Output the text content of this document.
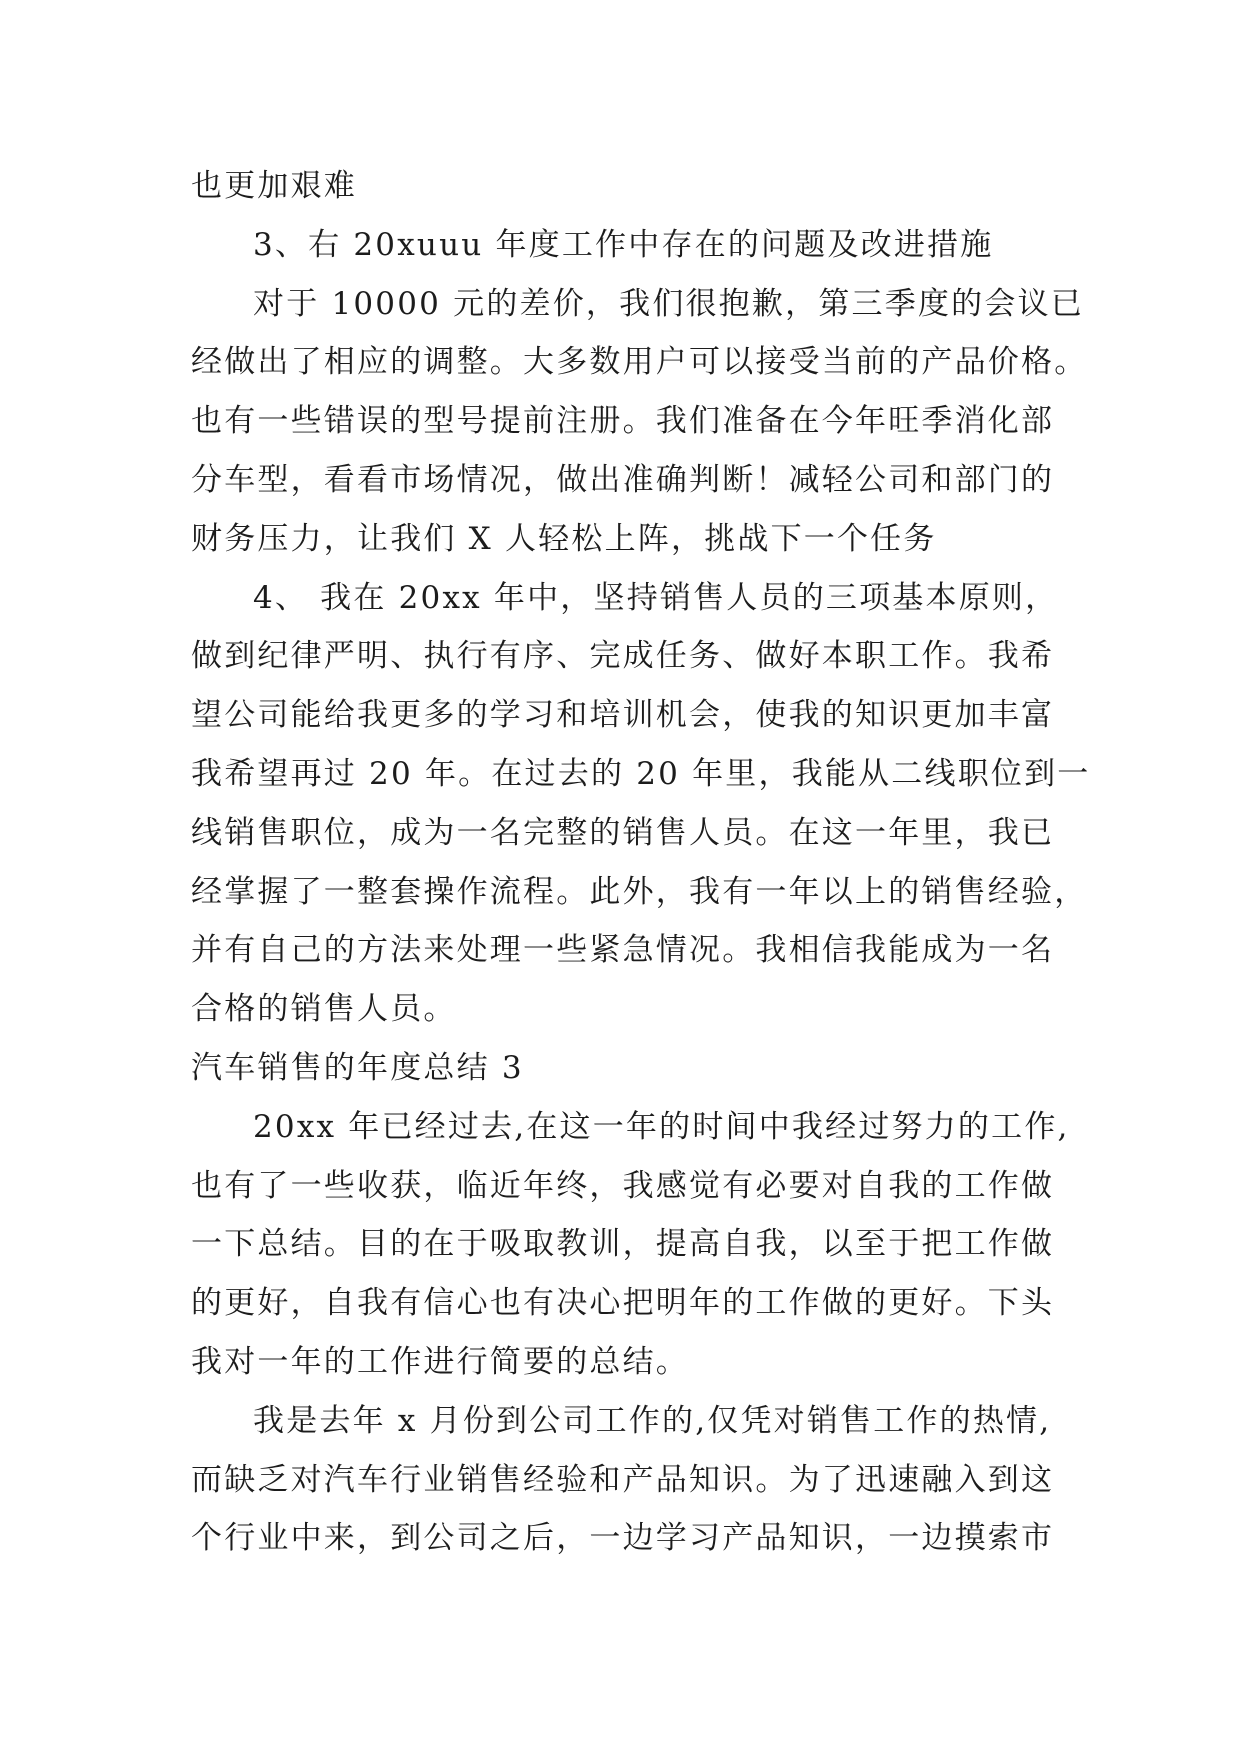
也更加艰难
3、右 20xuuu 年度工作中存在的问题及改进措施
对于 10000 元的差价，我们很抱歉，第三季度的会议已
经做出了相应的调整。大多数用户可以接受当前的产品价格。
也有一些错误的型号提前注册。我们准备在今年旺季消化部
分车型，看看市场情况，做出准确判断！减轻公司和部门的
财务压力，让我们 X 人轻松上阵，挑战下一个任务
4、 我在 20xx 年中，坚持销售人员的三项基本原则，
做到纪律严明、执行有序、完成任务、做好本职工作。我希
望公司能给我更多的学习和培训机会，使我的知识更加丰富
我希望再过 20 年。在过去的 20 年里，我能从二线职位到一
线销售职位，成为一名完整的销售人员。在这一年里，我已
经掌握了一整套操作流程。此外，我有一年以上的销售经验，
并有自己的方法来处理一些紧急情况。我相信我能成为一名
合格的销售人员。
汽车销售的年度总结 3
20xx 年已经过去,在这一年的时间中我经过努力的工作,
也有了一些收获，临近年终，我感觉有必要对自我的工作做
一下总结。目的在于吸取教训，提高自我，以至于把工作做
的更好，自我有信心也有决心把明年的工作做的更好。下头
我对一年的工作进行简要的总结。
我是去年 x 月份到公司工作的,仅凭对销售工作的热情,
而缺乏对汽车行业销售经验和产品知识。为了迅速融入到这
个行业中来，到公司之后，一边学习产品知识，一边摸索市
